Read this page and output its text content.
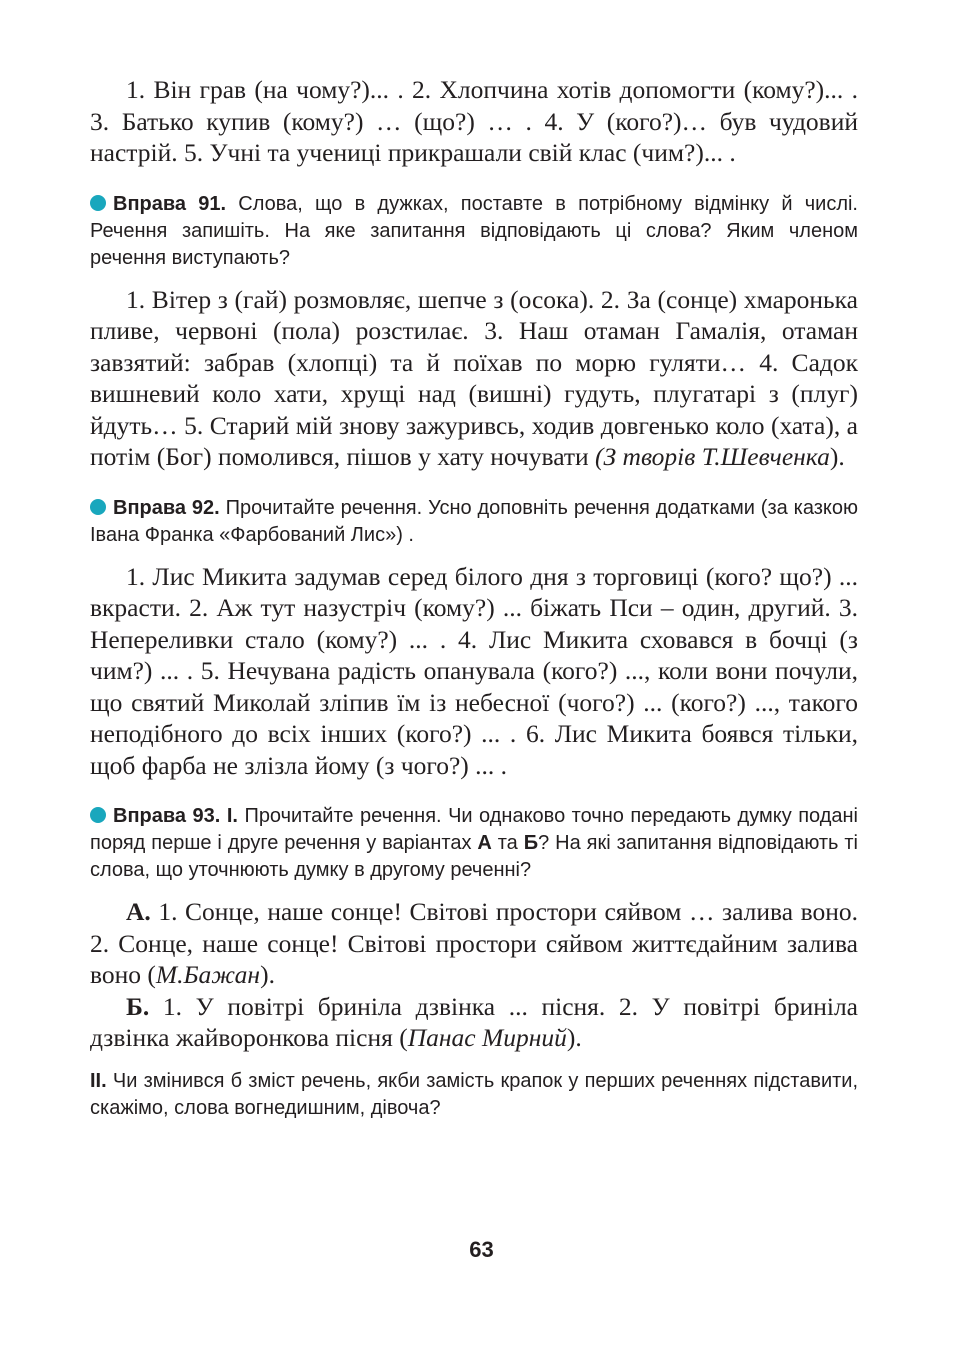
1. Він грав (на чому?)... . 2. Хлопчина хотів допомогти (кому?)... . 3. Батько купив (кому?) … (що?) … . 4. У (кого?)… був чудовий настрій. 5. Учні та учениці прикрашали свій клас (чим?)... .

Вправа 91. Слова, що в дужках, поставте в потрібному відмінку й числі. Речення запишіть. На яке запитання відповідають ці слова? Яким членом речення виступають?

1. Вітер з (гай) розмовляє, шепче з (осока). 2. За (сонце) хмаронька пливе, червоні (пола) розстилає. 3. Наш отаман Гамалія, отаман завзятий: забрав (хлопці) та й поїхав по морю гуляти… 4. Садок вишневий коло хати, хрущі над (вишні) гудуть, плугатарі з (плуг) йдуть… 5. Старий мій знову зажуривсь, ходив довгенько коло (хата), а потім (Бог) помолився, пішов у хату ночувати (З творів Т.Шевченка).

Вправа 92. Прочитайте речення. Усно доповніть речення додатками (за казкою Івана Франка «Фарбований Лис») .

1. Лис Микита задумав серед білого дня з торговиці (кого? що?) ... вкрасти. 2. Аж тут назустріч (кому?) ... біжать Пси – один, другий. 3. Непереливки стало (кому?) ... . 4. Лис Микита сховався в бочці (з чим?) ... . 5. Нечувана радість опанувала (кого?) ..., коли вони почули, що святий Миколай зліпив їм із небесної (чого?) ... (кого?) ..., такого неподібного до всіх інших (кого?) ... . 6. Лис Микита боявся тільки, щоб фарба не злізла йому (з чого?) ... .

Вправа 93. І. Прочитайте речення. Чи однаково точно передають думку подані поряд перше і друге речення у варіантах А та Б? На які запитання відповідають ті слова, що уточнюють думку в другому реченні?

А. 1. Сонце, наше сонце! Світові простори сяйвом … залива воно. 2. Сонце, наше сонце! Світові простори сяйвом життєдайним залива воно (М.Бажан).

Б. 1. У повітрі бриніла дзвінка ... пісня. 2. У повітрі бриніла дзвінка жайворонкова пісня (Панас Мирний).

ІІ. Чи змінився б зміст речень, якби замість крапок у перших реченнях підставити, скажімо, слова вогнедишним, дівоча?

63
